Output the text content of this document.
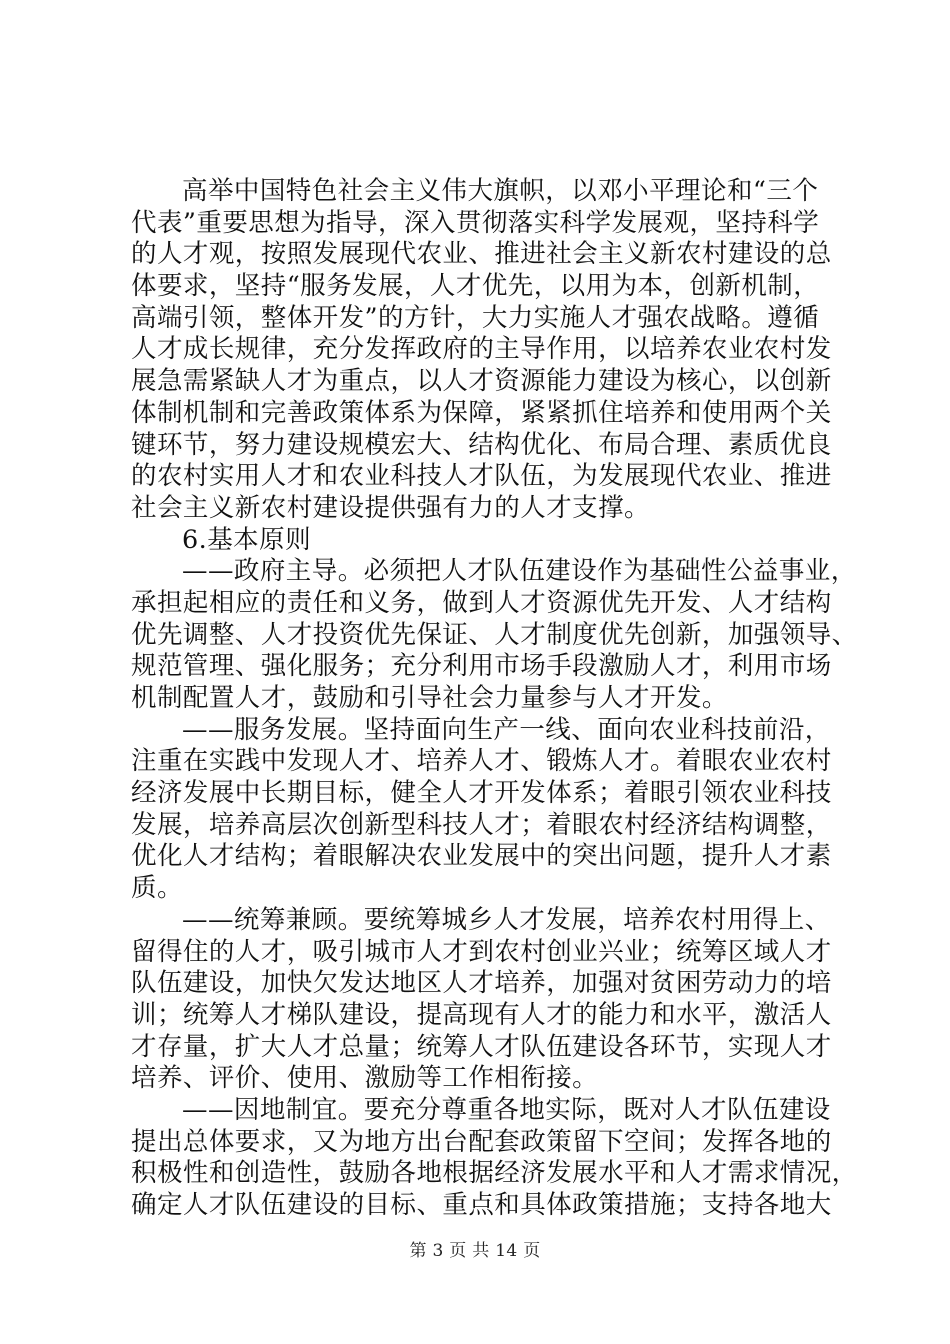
高举中国特色社会主义伟大旗帜，以邓小平理论和“三个
代表”重要思想为指导，深入贯彻落实科学发展观，坚持科学
的人才观，按照发展现代农业、推进社会主义新农村建设的总
体要求，坚持“服务发展，人才优先，以用为本，创新机制，
高端引领，整体开发”的方针，大力实施人才强农战略。遵循
人才成长规律，充分发挥政府的主导作用，以培养农业农村发
展急需紧缺人才为重点，以人才资源能力建设为核心，以创新
体制机制和完善政策体系为保障，紧紧抓住培养和使用两个关
键环节，努力建设规模宏大、结构优化、布局合理、素质优良
的农村实用人才和农业科技人才队伍，为发展现代农业、推进
社会主义新农村建设提供强有力的人才支撑。
6.基本原则
——政府主导。必须把人才队伍建设作为基础性公益事业，
承担起相应的责任和义务，做到人才资源优先开发、人才结构
优先调整、人才投资优先保证、人才制度优先创新，加强领导、
规范管理、强化服务；充分利用市场手段激励人才，利用市场
机制配置人才，鼓励和引导社会力量参与人才开发。
——服务发展。坚持面向生产一线、面向农业科技前沿，
注重在实践中发现人才、培养人才、锻炼人才。着眼农业农村
经济发展中长期目标，健全人才开发体系；着眼引领农业科技
发展，培养高层次创新型科技人才；着眼农村经济结构调整，
优化人才结构；着眼解决农业发展中的突出问题，提升人才素
质。
——统筹兼顾。要统筹城乡人才发展，培养农村用得上、
留得住的人才，吸引城市人才到农村创业兴业；统筹区域人才
队伍建设，加快欠发达地区人才培养，加强对贫困劳动力的培
训；统筹人才梯队建设，提高现有人才的能力和水平，激活人
才存量，扩大人才总量；统筹人才队伍建设各环节，实现人才
培养、评价、使用、激励等工作相衔接。
——因地制宜。要充分尊重各地实际，既对人才队伍建设
提出总体要求，又为地方出台配套政策留下空间；发挥各地的
积极性和创造性，鼓励各地根据经济发展水平和人才需求情况，
确定人才队伍建设的目标、重点和具体政策措施；支持各地大
第 3 页 共 14 页
